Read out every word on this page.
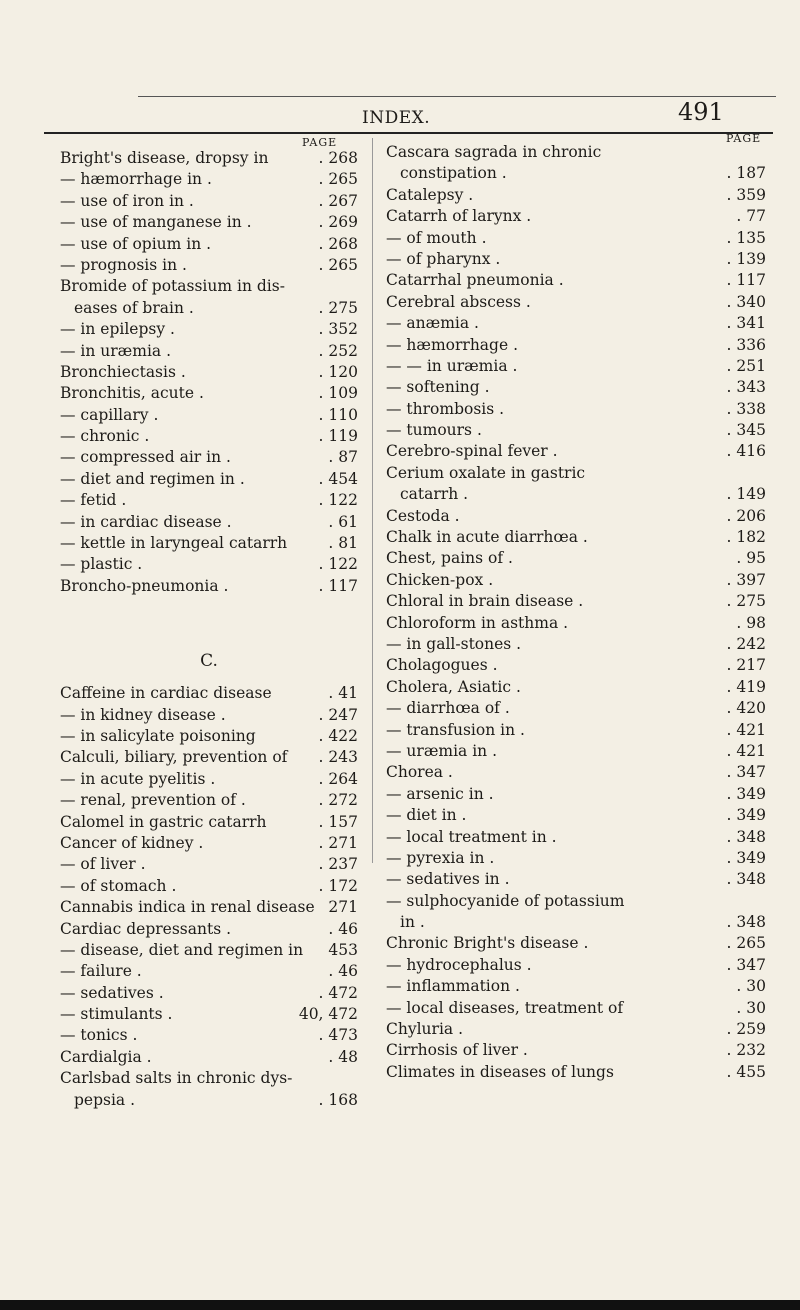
INDEX.	491
PAGE	PAGE
Bright's disease, dropsy in	. 268
— hæmorrhage in .	. 265
— use of iron in .	. 267
— use of manganese in .	. 269
— use of opium in .	. 268
— prognosis in .	. 265
Bromide of potassium in dis-
eases of brain .	. 275
— in epilepsy .	. 352
— in uræmia .	. 252
Bronchiectasis .	. 120
Bronchitis, acute .	. 109
— capillary .	. 110
— chronic .	. 119
— compressed air in .	. 87
— diet and regimen in .	. 454
— fetid .	. 122
— in cardiac disease .	. 61
— kettle in laryngeal catarrh	. 81
— plastic .	. 122
Broncho-pneumonia .	. 117
C.
Caffeine in cardiac disease	. 41
— in kidney disease .	. 247
— in salicylate poisoning	. 422
Calculi, biliary, prevention of . 243
— in acute pyelitis .	. 264
— renal, prevention of .	. 272
Calomel in gastric catarrh	. 157
Cancer of kidney .	. 271
— of liver .	. 237
— of stomach .	. 172
Cannabis indica in renal disease 271
Cardiac depressants .	. 46
— disease, diet and regimen in 453
— failure .	. 46
— sedatives .	. 472
— stimulants .	40, 472
— tonics .	. 473
Cardialgia .	. 48
Carlsbad salts in chronic dys-
pepsia .	. 168
Cascara sagrada in chronic
constipation .	. 187
Catalepsy .	. 359
Catarrh of larynx .	. 77
— of mouth .	. 135
— of pharynx .	. 139
Catarrhal pneumonia .	. 117
Cerebral abscess .	. 340
— anæmia .	. 341
— hæmorrhage .	. 336
— — in uræmia .	. 251
— softening .	. 343
— thrombosis .	. 338
— tumours .	. 345
Cerebro-spinal fever .	. 416
Cerium oxalate in gastric
catarrh .	. 149
Cestoda .	. 206
Chalk in acute diarrhœa .	. 182
Chest, pains of .	. 95
Chicken-pox .	. 397
Chloral in brain disease .	. 275
Chloroform in asthma .	. 98
— in gall-stones .	. 242
Cholagogues .	. 217
Cholera, Asiatic .	. 419
— diarrhœa of .	. 420
— transfusion in .	. 421
— uræmia in .	. 421
Chorea .	. 347
— arsenic in .	. 349
— diet in .	. 349
— local treatment in .	. 348
— pyrexia in .	. 349
— sedatives in .	. 348
— sulphocyanide of potassium
in .	. 348
Chronic Bright's disease .	. 265
— hydrocephalus .	. 347
— inflammation .	. 30
— local diseases, treatment of	. 30
Chyluria .	. 259
Cirrhosis of liver .	. 232
Climates in diseases of lungs	. 455
